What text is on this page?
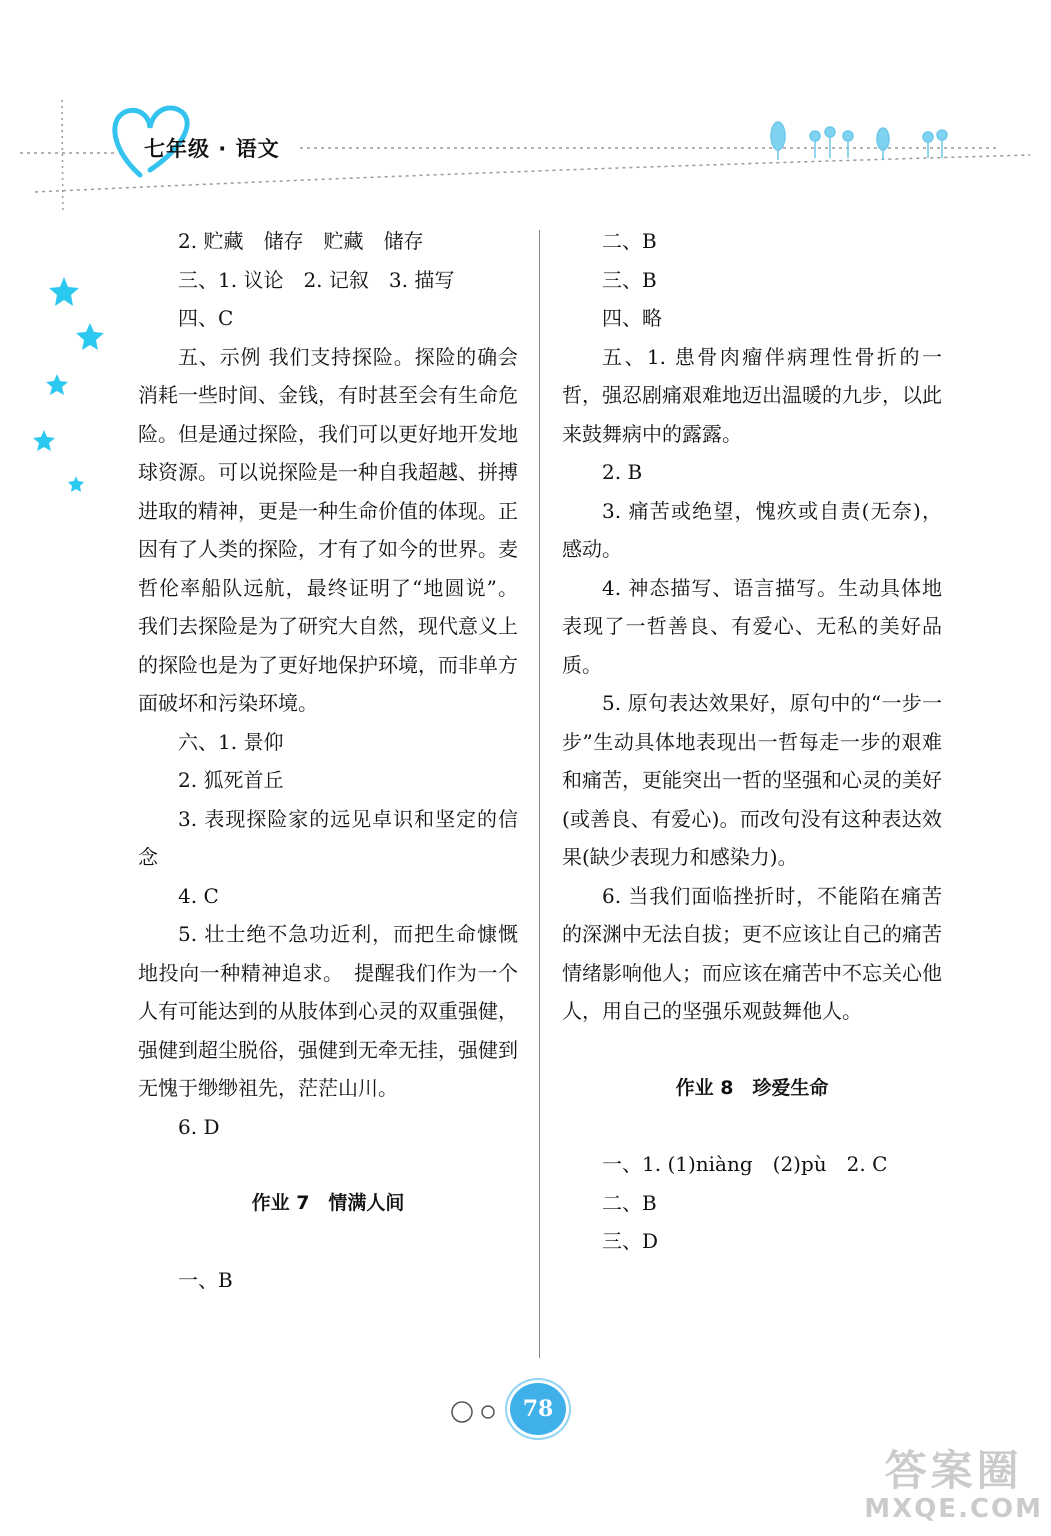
七年级 · 语文

2. 贮藏　储存　贮藏　储存

三、1. 议论　2. 记叙　3. 描写

四、C

五、示例 我们支持探险。探险的确会消耗一些时间、金钱，有时甚至会有生命危险。但是通过探险，我们可以更好地开发地球资源。可以说探险是一种自我超越、拼搏进取的精神，更是一种生命价值的体现。正因有了人类的探险，才有了如今的世界。麦哲伦率船队远航，最终证明了“地圆说”。我们去探险是为了研究大自然，现代意义上的探险也是为了更好地保护环境，而非单方面破坏和污染环境。

六、1. 景仰

2. 狐死首丘

3. 表现探险家的远见卓识和坚定的信念

4. C

5. 壮士绝不急功近利，而把生命慷慨地投向一种精神追求。　提醒我们作为一个人有可能达到的从肢体到心灵的双重强健，强健到超尘脱俗，强健到无牵无挂，强健到无愧于缈缈祖先，茫茫山川。

6. D

作业 7　情满人间

一、B

二、B

三、B

四、略

五、1. 患骨肉瘤伴病理性骨折的一哲，强忍剧痛艰难地迈出温暖的九步，以此来鼓舞病中的露露。

2. B

3. 痛苦或绝望，愧疚或自责(无奈)，感动。

4. 神态描写、语言描写。生动具体地表现了一哲善良、有爱心、无私的美好品质。

5. 原句表达效果好，原句中的“一步一步”生动具体地表现出一哲每走一步的艰难和痛苦，更能突出一哲的坚强和心灵的美好(或善良、有爱心)。而改句没有这种表达效果(缺少表现力和感染力)。

6. 当我们面临挫折时，不能陷在痛苦的深渊中无法自拔；更不应该让自己的痛苦情绪影响他人；而应该在痛苦中不忘关心他人，用自己的坚强乐观鼓舞他人。

作业 8　珍爱生命

一、1. (1)niàng　(2)pù　2. C

二、B

三、D

78
答案圈
MXQE.COM
